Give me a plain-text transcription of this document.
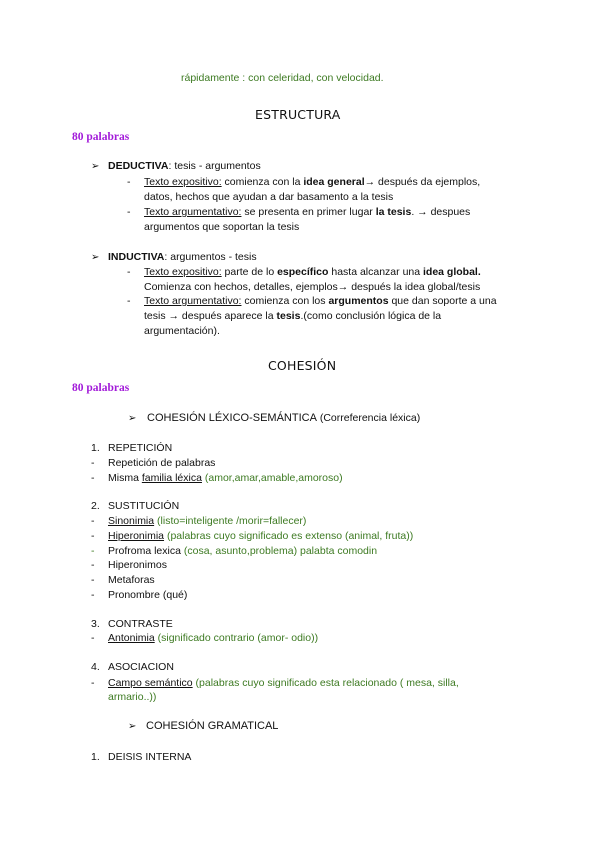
rápidamente : con celeridad, con velocidad.
ESTRUCTURA
80 palabras
➢ DEDUCTIVA: tesis - argumentos
- Texto expositivo: comienza con la idea general→ después da ejemplos,
datos, hechos que ayudan a dar basamento a la tesis
- Texto argumentativo: se presenta en primer lugar la tesis. → despues
argumentos que soportan la tesis
➢ INDUCTIVA: argumentos - tesis
- Texto expositivo: parte de lo específico hasta alcanzar una idea global.
Comienza con hechos, detalles, ejemplos→ después la idea global/tesis
- Texto argumentativo: comienza con los argumentos que dan soporte a una
tesis → después aparece la tesis.(como conclusión lógica de la
argumentación).
COHESIÓN
80 palabras
➢ COHESIÓN LÉXICO-SEMÁNTICA (Correferencia léxica)
1. REPETICIÓN
- Repetición de palabras
- Misma familia léxica (amor,amar,amable,amoroso)
2. SUSTITUCIÓN
- Sinonimia (listo=inteligente /morir=fallecer)
- Hiperonimia (palabras cuyo significado es extenso (animal, fruta))
- Profroma lexica (cosa, asunto,problema) palabta comodin
- Hiperonimos
- Metaforas
- Pronombre (qué)
3. CONTRASTE
- Antonimia (significado contrario (amor- odio))
4. ASOCIACION
- Campo semántico (palabras cuyo significado esta relacionado ( mesa, silla,
armario..))
➢ COHESIÓN GRAMATICAL
1. DEISIS INTERNA
